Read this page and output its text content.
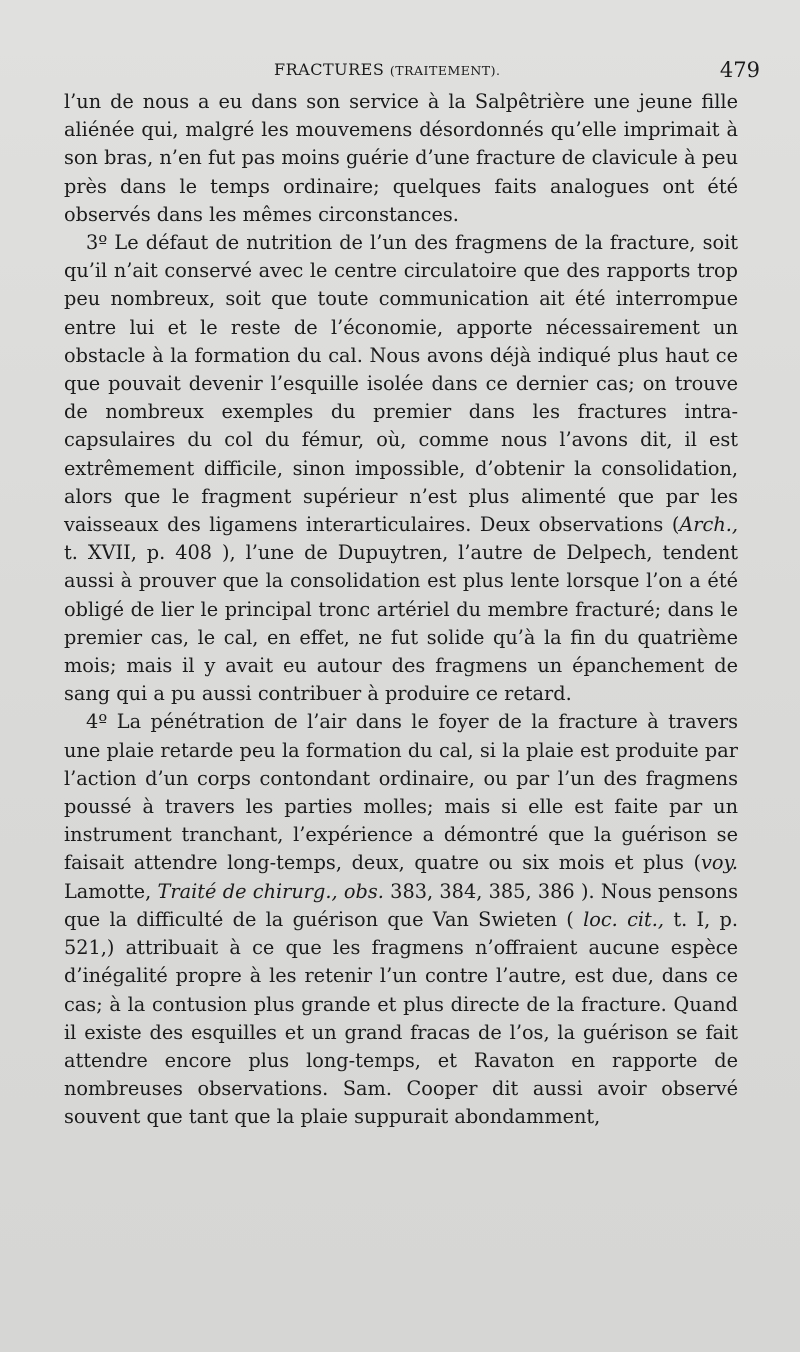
FRACTURES (TRAITEMENT).	479

l’un de nous a eu dans son service à la Salpêtrière une jeune fille aliénée qui, malgré les mouvemens désordonnés qu’elle imprimait à son bras, n’en fut pas moins guérie d’une fracture de clavicule à peu près dans le temps ordinaire; quelques faits analogues ont été observés dans les mêmes circonstances.

3º Le défaut de nutrition de l’un des fragmens de la fracture, soit qu’il n’ait conservé avec le centre circulatoire que des rapports trop peu nombreux, soit que toute communication ait été interrompue entre lui et le reste de l’économie, apporte nécessairement un obstacle à la formation du cal. Nous avons déjà indiqué plus haut ce que pouvait devenir l’esquille isolée dans ce dernier cas; on trouve de nombreux exemples du premier dans les fractures intra-capsulaires du col du fémur, où, comme nous l’avons dit, il est extrêmement difficile, sinon impossible, d’obtenir la consolidation, alors que le fragment supérieur n’est plus alimenté que par les vaisseaux des ligamens interarticulaires. Deux observations (Arch., t. XVII, p. 408 ), l’une de Dupuytren, l’autre de Delpech, tendent aussi à prouver que la consolidation est plus lente lorsque l’on a été obligé de lier le principal tronc artériel du membre fracturé; dans le premier cas, le cal, en effet, ne fut solide qu’à la fin du quatrième mois; mais il y avait eu autour des fragmens un épanchement de sang qui a pu aussi contribuer à produire ce retard.

4º La pénétration de l’air dans le foyer de la fracture à travers une plaie retarde peu la formation du cal, si la plaie est produite par l’action d’un corps contondant ordinaire, ou par l’un des fragmens poussé à travers les parties molles; mais si elle est faite par un instrument tranchant, l’expérience a démontré que la guérison se faisait attendre long-temps, deux, quatre ou six mois et plus (voy. Lamotte, Traité de chirurg., obs. 383, 384, 385, 386 ). Nous pensons que la difficulté de la guérison que Van Swieten ( loc. cit., t. I, p. 521,) attribuait à ce que les fragmens n’offraient aucune espèce d’inégalité propre à les retenir l’un contre l’autre, est due, dans ce cas; à la contusion plus grande et plus directe de la fracture. Quand il existe des esquilles et un grand fracas de l’os, la guérison se fait attendre encore plus long-temps, et Ravaton en rapporte de nombreuses observations. Sam. Cooper dit aussi avoir observé souvent que tant que la plaie suppurait abondamment,
